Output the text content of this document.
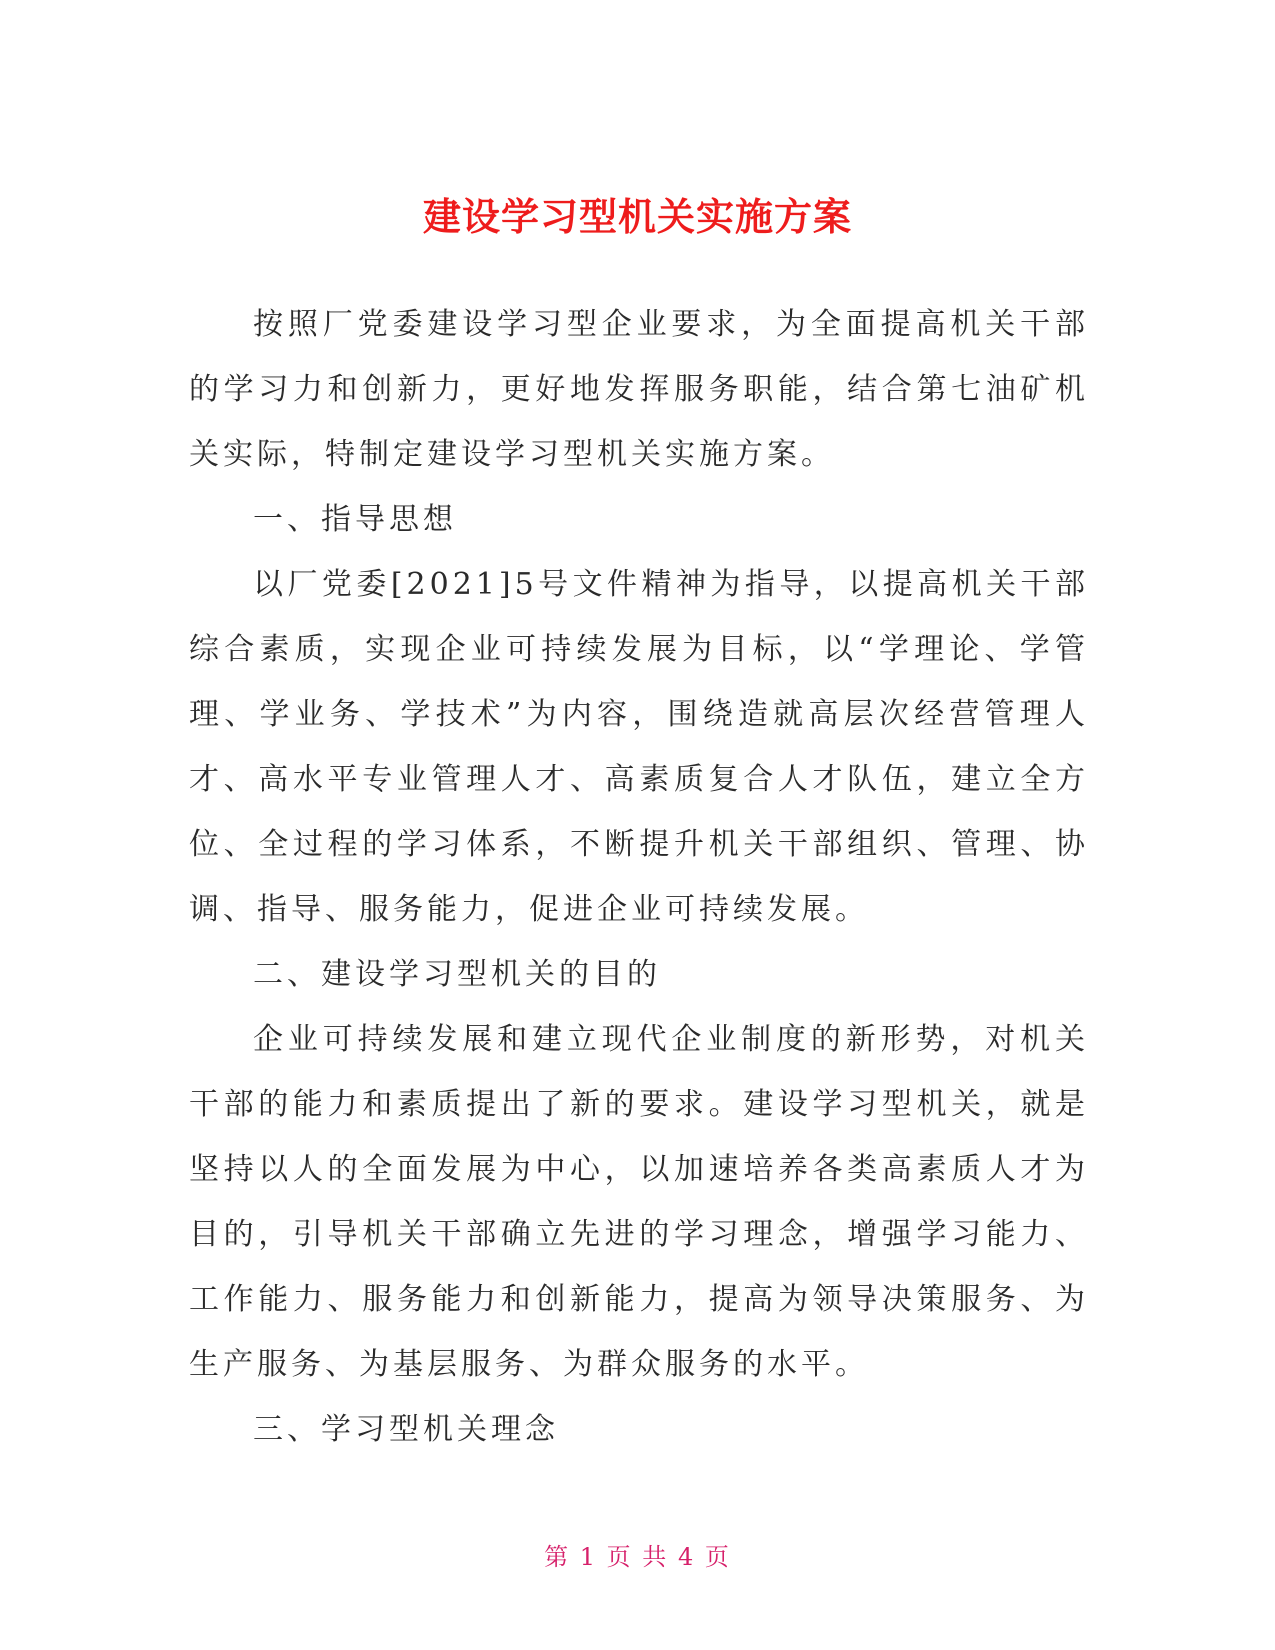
建设学习型机关实施方案

按照厂党委建设学习型企业要求，为全面提高机关干部的学习力和创新力，更好地发挥服务职能，结合第七油矿机关实际，特制定建设学习型机关实施方案。

一、指导思想

以厂党委[2021]5号文件精神为指导，以提高机关干部综合素质，实现企业可持续发展为目标，以“学理论、学管理、学业务、学技术”为内容，围绕造就高层次经营管理人才、高水平专业管理人才、高素质复合人才队伍，建立全方位、全过程的学习体系，不断提升机关干部组织、管理、协调、指导、服务能力，促进企业可持续发展。

二、建设学习型机关的目的

企业可持续发展和建立现代企业制度的新形势，对机关干部的能力和素质提出了新的要求。建设学习型机关，就是坚持以人的全面发展为中心，以加速培养各类高素质人才为目的，引导机关干部确立先进的学习理念，增强学习能力、工作能力、服务能力和创新能力，提高为领导决策服务、为生产服务、为基层服务、为群众服务的水平。

三、学习型机关理念

第 1 页 共 4 页
